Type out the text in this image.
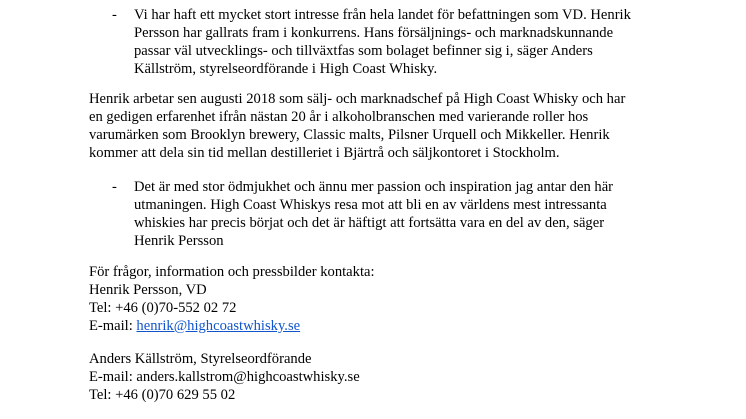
- Vi har haft ett mycket stort intresse från hela landet för befattningen som VD. Henrik
Persson har gallrats fram i konkurrens. Hans försäljnings- och marknadskunnande
passar väl utvecklings- och tillväxtfas som bolaget befinner sig i, säger Anders
Källström, styrelseordförande i High Coast Whisky.
Henrik arbetar sen augusti 2018 som sälj- och marknadschef på High Coast Whisky och har
en gedigen erfarenhet ifrån nästan 20 år i alkoholbranschen med varierande roller hos
varumärken som Brooklyn brewery, Classic malts, Pilsner Urquell och Mikkeller. Henrik
kommer att dela sin tid mellan destilleriet i Bjärtrå och säljkontoret i Stockholm.
- Det är med stor ödmjukhet och ännu mer passion och inspiration jag antar den här
utmaningen. High Coast Whiskys resa mot att bli en av världens mest intressanta
whiskies har precis börjat och det är häftigt att fortsätta vara en del av den, säger
Henrik Persson
För frågor, information och pressbilder kontakta:
Henrik Persson, VD
Tel: +46 (0)70-552 02 72
E-mail: henrik@highcoastwhisky.se
Anders Källström, Styrelseordförande
E-mail: anders.kallstrom@highcoastwhisky.se
Tel: +46 (0)70 629 55 02
